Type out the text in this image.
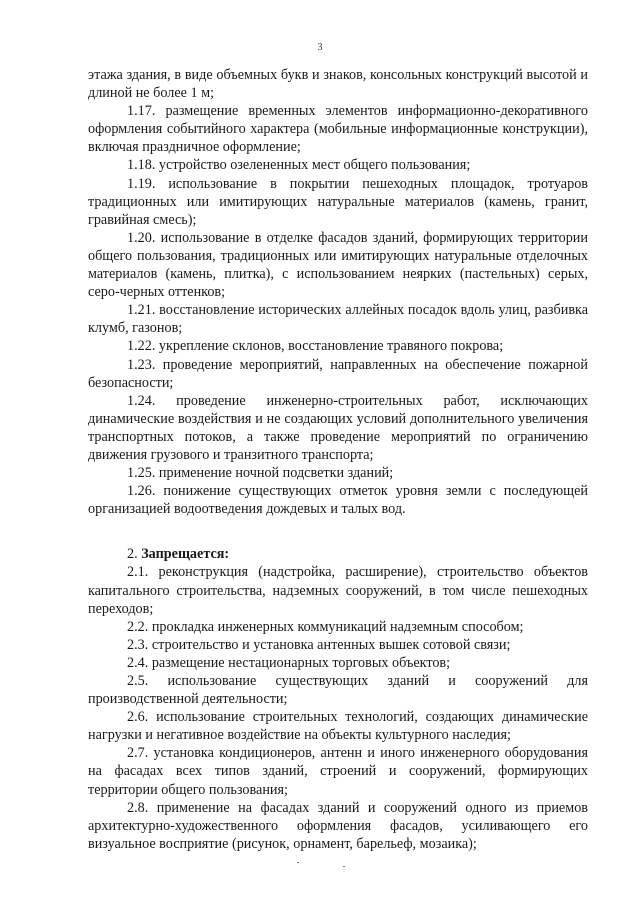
3

этажа здания, в виде объемных букв и знаков, консольных конструкций высотой и длиной не более 1 м;

1.17. размещение временных элементов информационно-декоративного оформления событийного характера (мобильные информационные конструкции), включая праздничное оформление;

1.18. устройство озелененных мест общего пользования;

1.19. использование в покрытии пешеходных площадок, тротуаров традиционных или имитирующих натуральные материалов (камень, гранит, гравийная смесь);

1.20. использование в отделке фасадов зданий, формирующих территории общего пользования, традиционных или имитирующих натуральные отделочных материалов (камень, плитка), с использованием неярких (пастельных) серых, серо-черных оттенков;

1.21. восстановление исторических аллейных посадок вдоль улиц, разбивка клумб, газонов;

1.22. укрепление склонов, восстановление травяного покрова;

1.23. проведение мероприятий, направленных на обеспечение пожарной безопасности;

1.24. проведение инженерно-строительных работ, исключающих динамические воздействия и не создающих условий дополнительного увеличения транспортных потоков, а также проведение мероприятий по ограничению движения грузового и транзитного транспорта;

1.25. применение ночной подсветки зданий;

1.26. понижение существующих отметок уровня земли с последующей организацией водоотведения дождевых и талых вод.

2. Запрещается:

2.1. реконструкция (надстройка, расширение), строительство объектов капитального строительства, надземных сооружений, в том числе пешеходных переходов;

2.2. прокладка инженерных коммуникаций надземным способом;

2.3. строительство и установка антенных вышек сотовой связи;

2.4. размещение нестационарных торговых объектов;

2.5. использование существующих зданий и сооружений для производственной деятельности;

2.6. использование строительных технологий, создающих динамические нагрузки и негативное воздействие на объекты культурного наследия;

2.7. установка кондиционеров, антенн и иного инженерного оборудования на фасадах всех типов зданий, строений и сооружений, формирующих территории общего пользования;

2.8. применение на фасадах зданий и сооружений одного из приемов архитектурно-художественного оформления фасадов, усиливающего его визуальное восприятие (рисунок, орнамент, барельеф, мозаика);
